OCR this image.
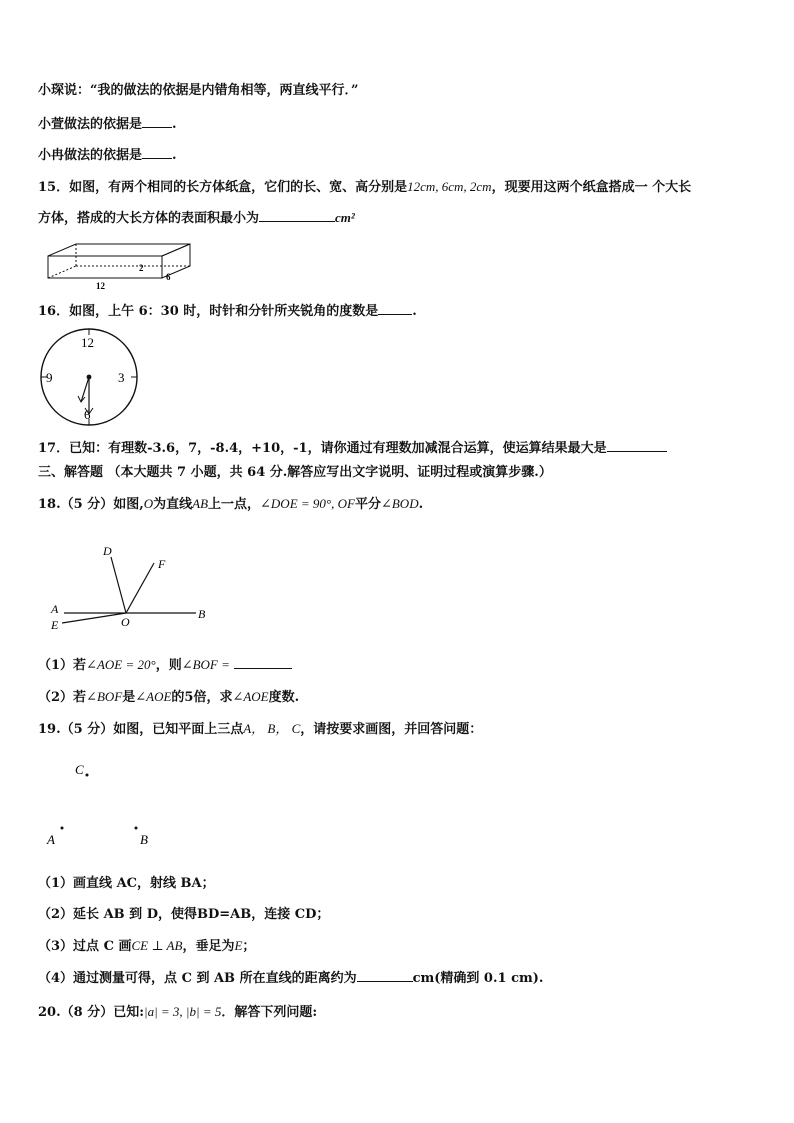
小琛说：“我的做法的依据是内错角相等，两直线平行．”
小萱做法的依据是 .
小冉做法的依据是 .
15．如图，有两个相同的长方体纸盒，它们的长、宽、高分别是12cm, 6cm, 2cm，现要用这两个纸盒搭成一 个大长
方体，搭成的大长方体的表面积最小为	cm²
12
2
6
16．如图，上午 6：30 时，时针和分针所夹锐角的度数是	.
12
3
9
6
17．已知：有理数-3.6，7，-8.4，+10，-1，请你通过有理数加减混合运算，使运算结果最大是
三、解答题 （本大题共 7 小题，共 64 分.解答应写出文字说明、证明过程或演算步骤.）
18.（5 分）如图,O为直线AB上一点，∠DOE = 90°, OF平分∠BOD.
D
F
A
E	O
B
（1）若∠AOE = 20°，则∠BOF =
（2）若∠BOF是∠AOE的5倍，求∠AOE度数.
19.（5 分）如图，已知平面上三点A， B， C，请按要求画图，并回答问题：
C
A	B
（1）画直线 AC，射线 BA；
（2）延长 AB 到 D，使得BD=AB，连接 CD；
（3）过点 C 画CE ⊥ AB，垂足为E；
（4）通过测量可得，点 C 到 AB 所在直线的距离约为	cm(精确到 0.1 cm).
20.（8 分）已知:|a| = 3, |b| = 5．解答下列问题:
